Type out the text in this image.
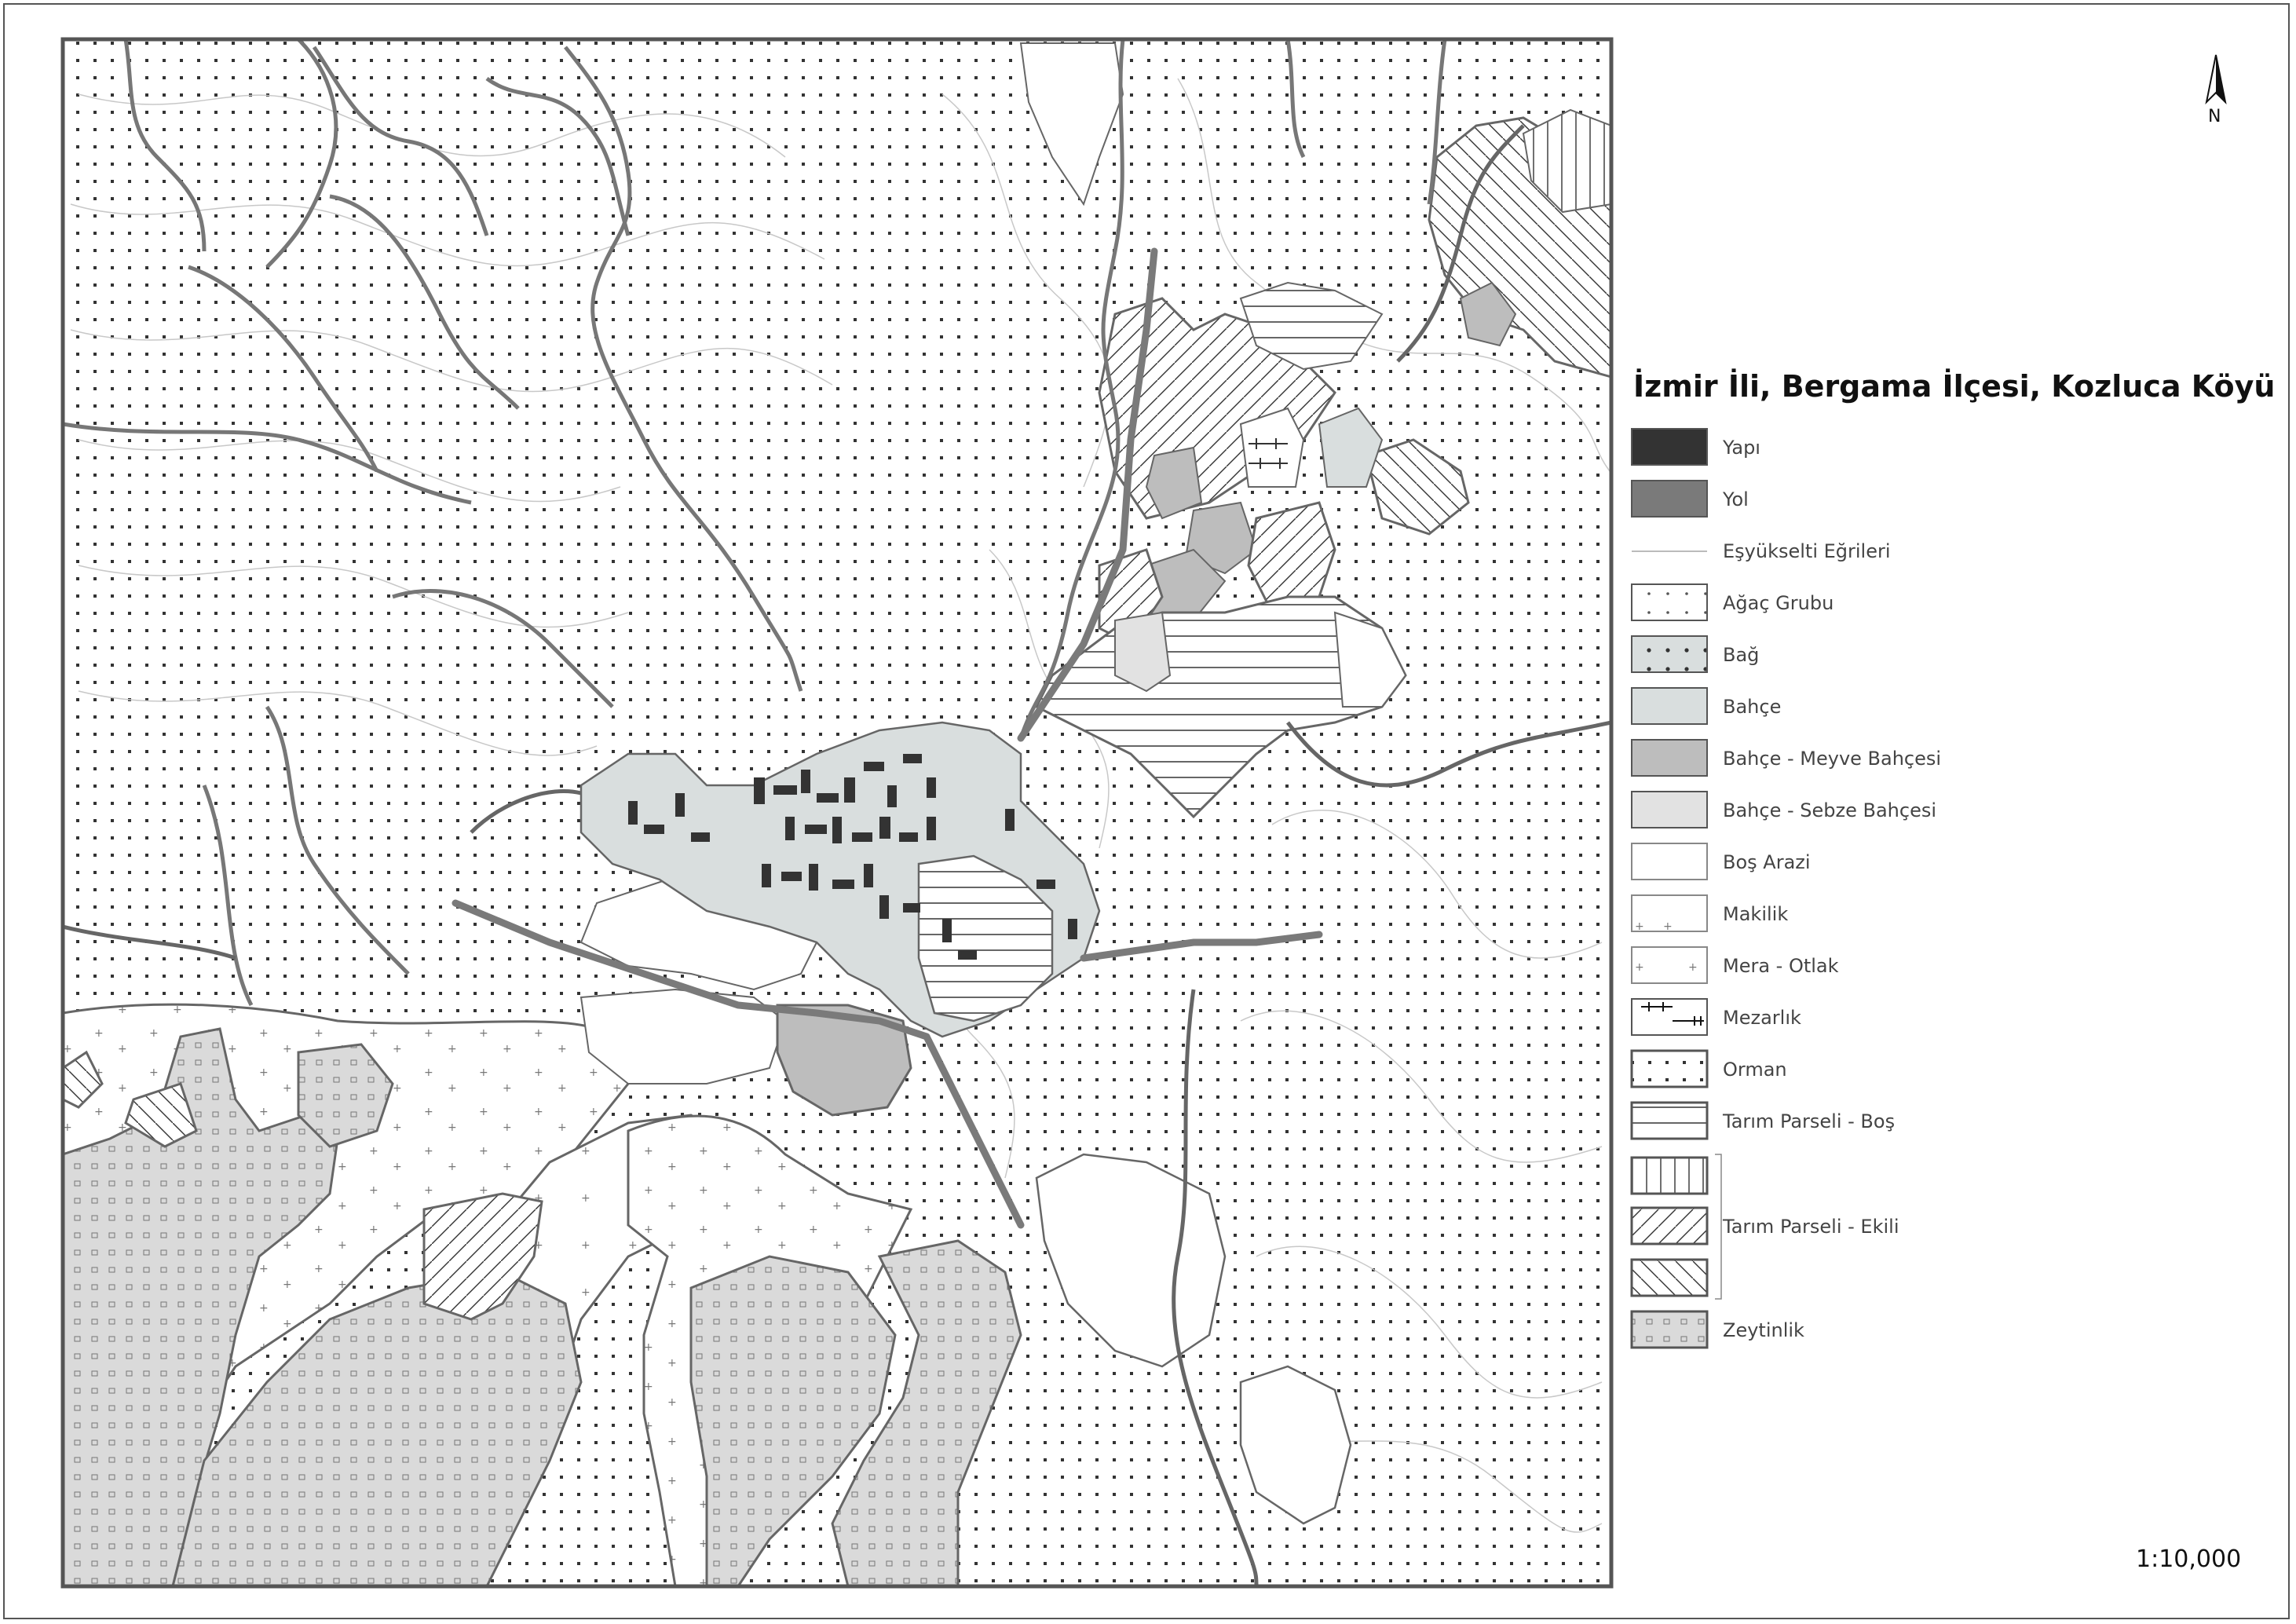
+ +
+	+
İzmir İli, Bergama İlçesi, Kozluca Köyü
Yapı
Yol
Eşyükselti Eğrileri
Ağaç Grubu
Bağ
Bahçe
Bahçe - Meyve Bahçesi
Bahçe - Sebze Bahçesi
Boş Arazi
Makilik
Mera - Otlak
Mezarlık
Orman
Tarım Parseli - Boş
Tarım Parseli - Ekili
Zeytinlik
N
1:10,000
